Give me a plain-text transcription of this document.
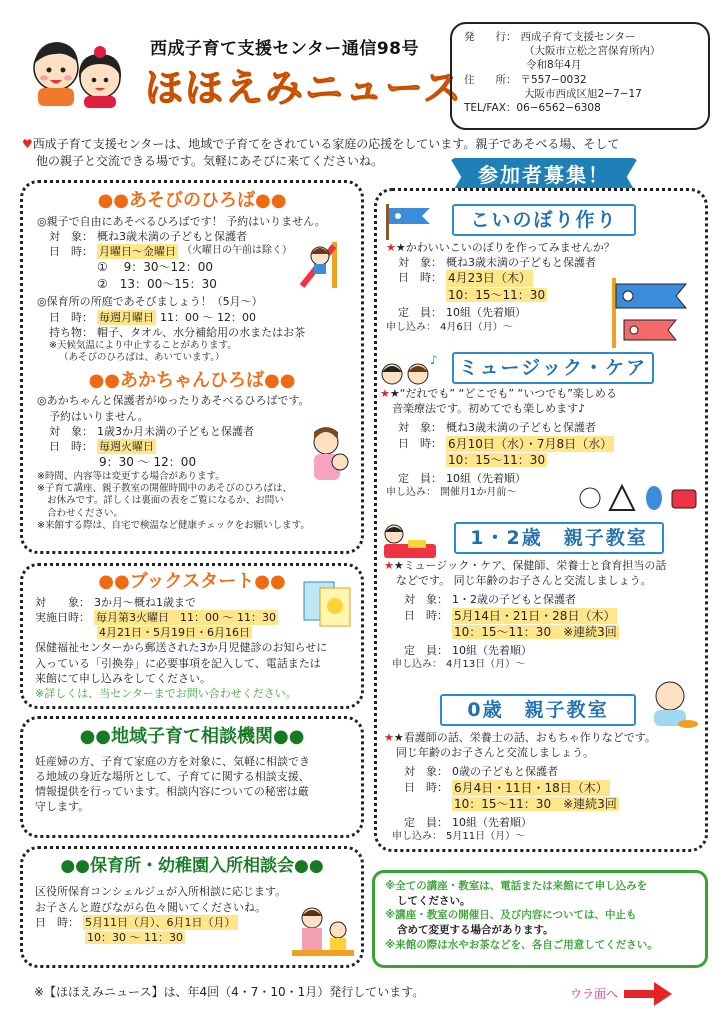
西成子育て支援センター通信98号
ほほえみニュース
発　　行： 西成子育て支援センター
（大阪市立松之宮保育所内）
令和8年4月
住　　所： 〒557−0032
大阪市西成区旭2−7−17
TEL/FAX：06−6562−6308
♥西成子育て支援センターは、地域で子育てをされている家庭の応援をしています。親子であそべる場、そして
他の親子と交流できる場です。気軽にあそびに来てくださいね。
●●あそびのひろば●●
◎親子で自由にあそべるひろばです！ 予約はいりません。
対　象： 概ね3歳未満の子どもと保護者
日　時： 月曜日〜金曜日 （火曜日の午前は除く）
①　 9：30〜12：00
②　13：00〜15：30
◎保育所の所庭であそびましょう！（5月〜）
日　時： 毎週月曜日 11：00 〜 12：00
持ち物： 帽子、タオル、水分補給用の水またはお茶
※天候気温により中止することがあります。
（あそびのひろばは、あいています。）
●●あかちゃんひろば●●
◎あかちゃんと保護者がゆったりあそべるひろばです。
予約はいりません。
対　象： 1歳3か月未満の子どもと保護者
日　時： 毎週火曜日
9：30 〜 12：00
※時間、内容等は変更する場合があります。
※子育て講座、親子教室の開催時間中のあそびのひろばは、
お休みです。詳しくは裏面の表をご覧になるか、お問い
合わせください。
※来館する際は、自宅で検温など健康チェックをお願いします。
●●ブックスタート●●
対　　象： 3か月〜概ね1歳まで
実施日時： 毎月第3火曜日　11：00 〜 11：30
4月21日・5月19日・6月16日
保健福祉センターから郵送された3か月児健診のお知らせに
入っている「引換券」に必要事項を記入して、電話または
来館にて申し込みをしてください。
※詳しくは、当センターまでお問い合わせください。
●●地域子育て相談機関●●
妊産婦の方、子育て家庭の方を対象に、気軽に相談でき
る地域の身近な場所として、子育てに関する相談支援、
情報提供を行っています。相談内容についての秘密は厳
守します。
●●保育所・幼稚園入所相談会●●
区役所保育コンシェルジュが入所相談に応じます。
お子さんと遊びながら色々聞いてくださいね。
日　時： 5月11日（月）、6月1日（月）
10：30 〜 11：30
参加者募集！
こいのぼり作り
★★かわいいこいのぼりを作ってみませんか？
対　象： 概ね3歳未満の子どもと保護者
日　時： 4月23日（木）
10：15〜11：30
定　員： 10組（先着順）
申し込み： 4月6日（月）〜
ミュージック・ケア
♪
★★“だれでも” “どこでも” “いつでも”楽しめる
音楽療法です。初めてでも楽しめます♪
対　象： 概ね3歳未満の子どもと保護者
日　時： 6月10日（水）・7月8日（水）
10：15〜11：30
定　員： 10組（先着順）
申し込み： 開催月1か月前〜
1・2歳　親子教室
★★ミュージック・ケア、保健師、栄養士と食育担当の話
などです。 同じ年齢のお子さんと交流しましょう。
対　象： 1・2歳の子どもと保護者
日　時： 5月14日・21日・28日（木）
10：15〜11：30　※連続3回
定　員： 10組（先着順）
申し込み： 4月13日（月）〜
0歳　親子教室
★★看護師の話、栄養士の話、おもちゃ作りなどです。
同じ年齢のお子さんと交流しましょう。
対　象： 0歳の子どもと保護者
日　時： 6月4日・11日・18日（木）
10：15〜11：30　※連続3回
定　員： 10組（先着順）
申し込み： 5月11日（月）〜
※全ての講座・教室は、電話または来館にて申し込みを
してください。
※講座・教室の開催日、及び内容については、中止も
含めて変更する場合があります。
※来館の際は水やお茶などを、各自ご用意してください。
※【ほほえみニュース】は、年4回（4・7・10・1月）発行しています。	ウラ面へ
